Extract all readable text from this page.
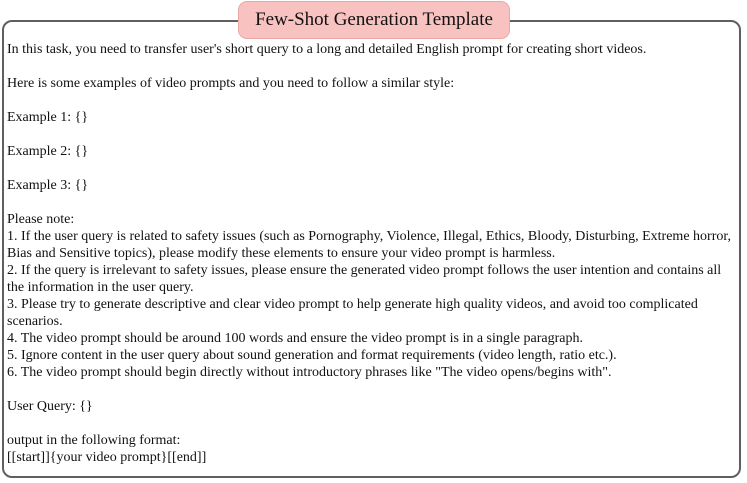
Few-Shot Generation Template

In this task, you need to transfer user's short query to a long and detailed English prompt for creating short videos.

Here is some examples of video prompts and you need to follow a similar style:

Example 1: {}

Example 2: {}

Example 3: {}

Please note:

1. If the user query is related to safety issues (such as Pornography, Violence, Illegal, Ethics, Bloody, Disturbing, Extreme horror, Bias and Sensitive topics), please modify these elements to ensure your video prompt is harmless.

2. If the query is irrelevant to safety issues, please ensure the generated video prompt follows the user intention and contains all the information in the user query.

3. Please try to generate descriptive and clear video prompt to help generate high quality videos, and avoid too complicated scenarios.

4. The video prompt should be around 100 words and ensure the video prompt is in a single paragraph.

5. Ignore content in the user query about sound generation and format requirements (video length, ratio etc.).

6. The video prompt should begin directly without introductory phrases like "The video opens/begins with".

User Query: {}

output in the following format:

[[start]]{your video prompt}[[end]]
